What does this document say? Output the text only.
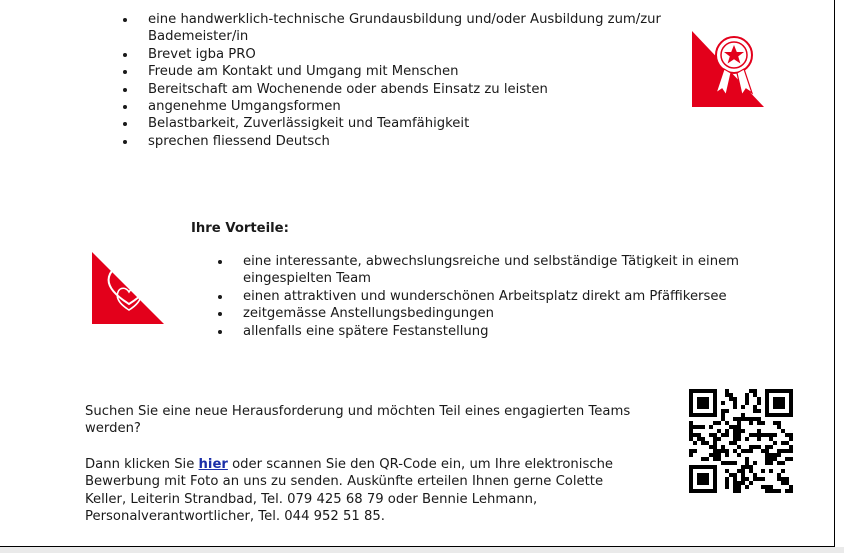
eine handwerklich-technische Grundausbildung und/oder Ausbildung zum/zur Bademeister/in
Brevet igba PRO
Freude am Kontakt und Umgang mit Menschen
Bereitschaft am Wochenende oder abends Einsatz zu leisten
angenehme Umgangsformen
Belastbarkeit, Zuverlässigkeit und Teamfähigkeit
sprechen fliessend Deutsch
Ihre Vorteile:
eine interessante, abwechslungsreiche und selbständige Tätigkeit in einem eingespielten Team
einen attraktiven und wunderschönen Arbeitsplatz direkt am Pfäffikersee
zeitgemässe Anstellungsbedingungen
allenfalls eine spätere Festanstellung
Suchen Sie eine neue Herausforderung und möchten Teil eines engagierten Teams werden?
Dann klicken Sie hier oder scannen Sie den QR-Code ein, um Ihre elektronische Bewerbung mit Foto an uns zu senden. Auskünfte erteilen Ihnen gerne Colette Keller, Leiterin Strandbad, Tel. 079 425 68 79 oder Bennie Lehmann, Personalverantwortlicher, Tel. 044 952 51 85.
